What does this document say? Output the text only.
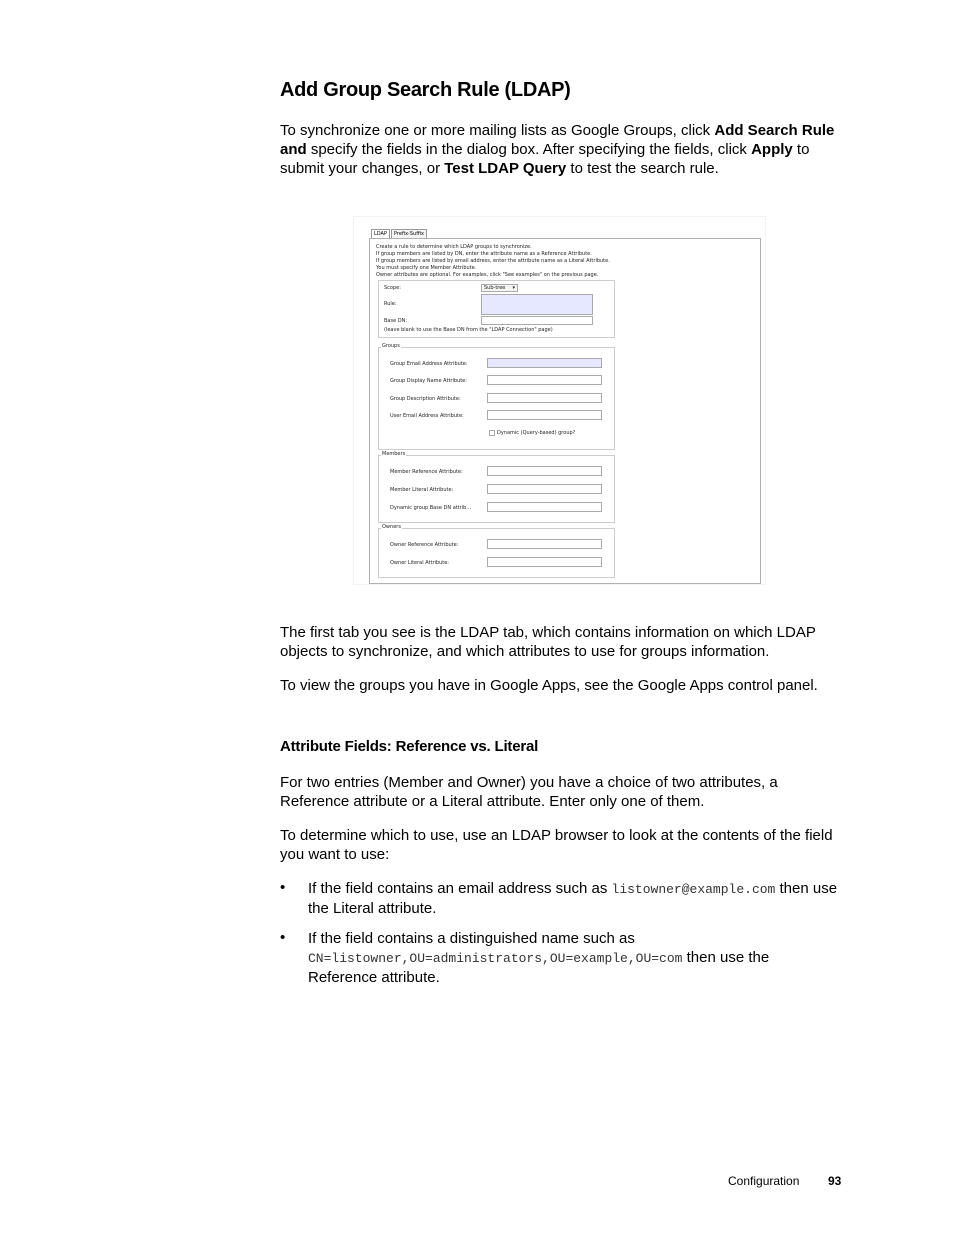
Add Group Search Rule (LDAP)

To synchronize one or more mailing lists as Google Groups, click Add Search Rule and specify the fields in the dialog box. After specifying the fields, click Apply to submit your changes, or Test LDAP Query to test the search rule.

LDAP	Prefix-Suffix
Create a rule to determine which LDAP groups to synchronize.
If group members are listed by DN, enter the attribute name as a Reference Attribute.
If group members are listed by email address, enter the attribute name as a Literal Attribute.
You must specify one Member Attribute.
Owner attributes are optional. For examples, click "See examples" on the previous page.
Scope:	Sub-tree ▾
Rule:
Base DN:
(leave blank to use the Base DN from the "LDAP Connection" page)
Groups
Group Email Address Attribute:
Group Display Name Attribute:
Group Description Attribute:
User Email Address Attribute:
Dynamic (Query-based) group?
Members
Member Reference Attribute:
Member Literal Attribute:
Dynamic group Base DN attrib...
Owners
Owner Reference Attribute:
Owner Literal Attribute:

The first tab you see is the LDAP tab, which contains information on which LDAP objects to synchronize, and which attributes to use for groups information.

To view the groups you have in Google Apps, see the Google Apps control panel.

Attribute Fields: Reference vs. Literal

For two entries (Member and Owner) you have a choice of two attributes, a Reference attribute or a Literal attribute. Enter only one of them.

To determine which to use, use an LDAP browser to look at the contents of the field you want to use:

• If the field contains an email address such as listowner@example.com then use the Literal attribute.

• If the field contains a distinguished name such as CN=listowner,OU=administrators,OU=example,OU=com then use the Reference attribute.

Configuration 93
